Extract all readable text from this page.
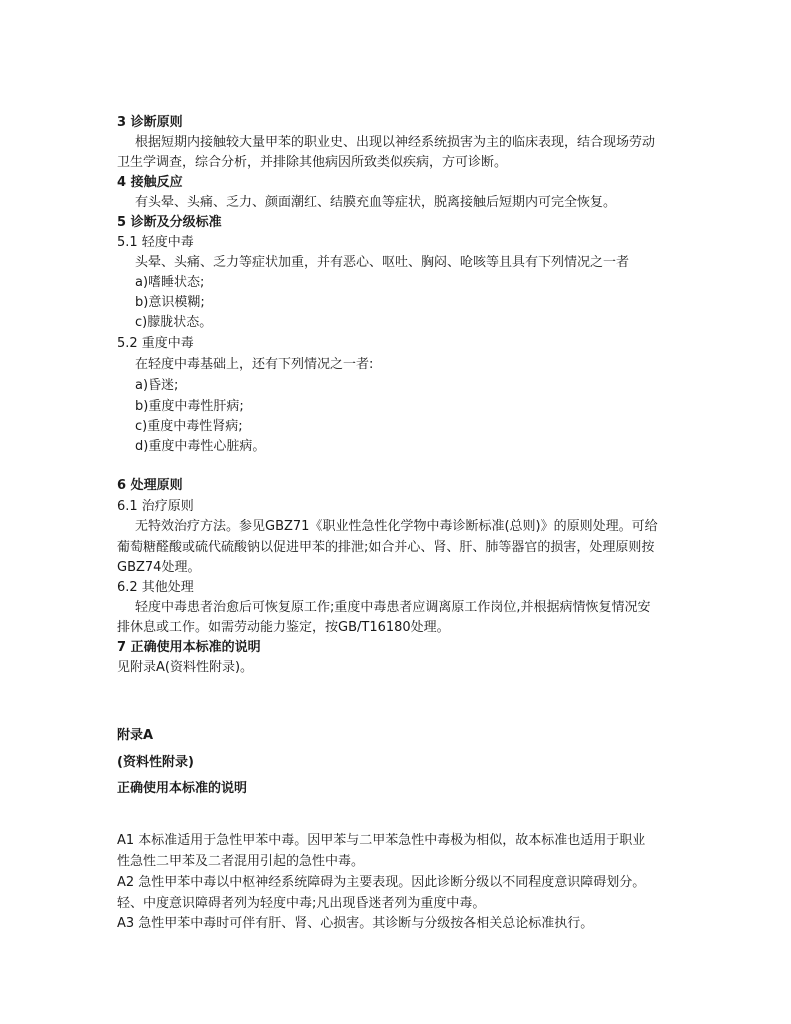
3 诊断原则
根据短期内接触较大量甲苯的职业史、出现以神经系统损害为主的临床表现，结合现场劳动
卫生学调查，综合分析，并排除其他病因所致类似疾病，方可诊断。
4 接触反应
有头晕、头痛、乏力、颜面潮红、结膜充血等症状，脱离接触后短期内可完全恢复。
5 诊断及分级标准
5.1 轻度中毒
头晕、头痛、乏力等症状加重，并有恶心、呕吐、胸闷、呛咳等且具有下列情况之一者
a)嗜睡状态;
b)意识模糊;
c)朦胧状态。
5.2 重度中毒
在轻度中毒基础上，还有下列情况之一者:
a)昏迷;
b)重度中毒性肝病;
c)重度中毒性肾病;
d)重度中毒性心脏病。
6 处理原则
6.1 治疗原则
无特效治疗方法。参见GBZ71《职业性急性化学物中毒诊断标准(总则)》的原则处理。可给
葡萄糖醛酸或硫代硫酸钠以促进甲苯的排泄;如合并心、肾、肝、肺等器官的损害，处理原则按
GBZ74处理。
6.2 其他处理
轻度中毒患者治愈后可恢复原工作;重度中毒患者应调离原工作岗位,并根据病情恢复情况安
排休息或工作。如需劳动能力鉴定，按GB/T16180处理。
7 正确使用本标准的说明
见附录A(资料性附录)。
附录A
(资料性附录)
正确使用本标准的说明
A1 本标准适用于急性甲苯中毒。因甲苯与二甲苯急性中毒极为相似，故本标准也适用于职业
性急性二甲苯及二者混用引起的急性中毒。
A2 急性甲苯中毒以中枢神经系统障碍为主要表现。因此诊断分级以不同程度意识障碍划分。
轻、中度意识障碍者列为轻度中毒;凡出现昏迷者列为重度中毒。
A3 急性甲苯中毒时可伴有肝、肾、心损害。其诊断与分级按各相关总论标准执行。
